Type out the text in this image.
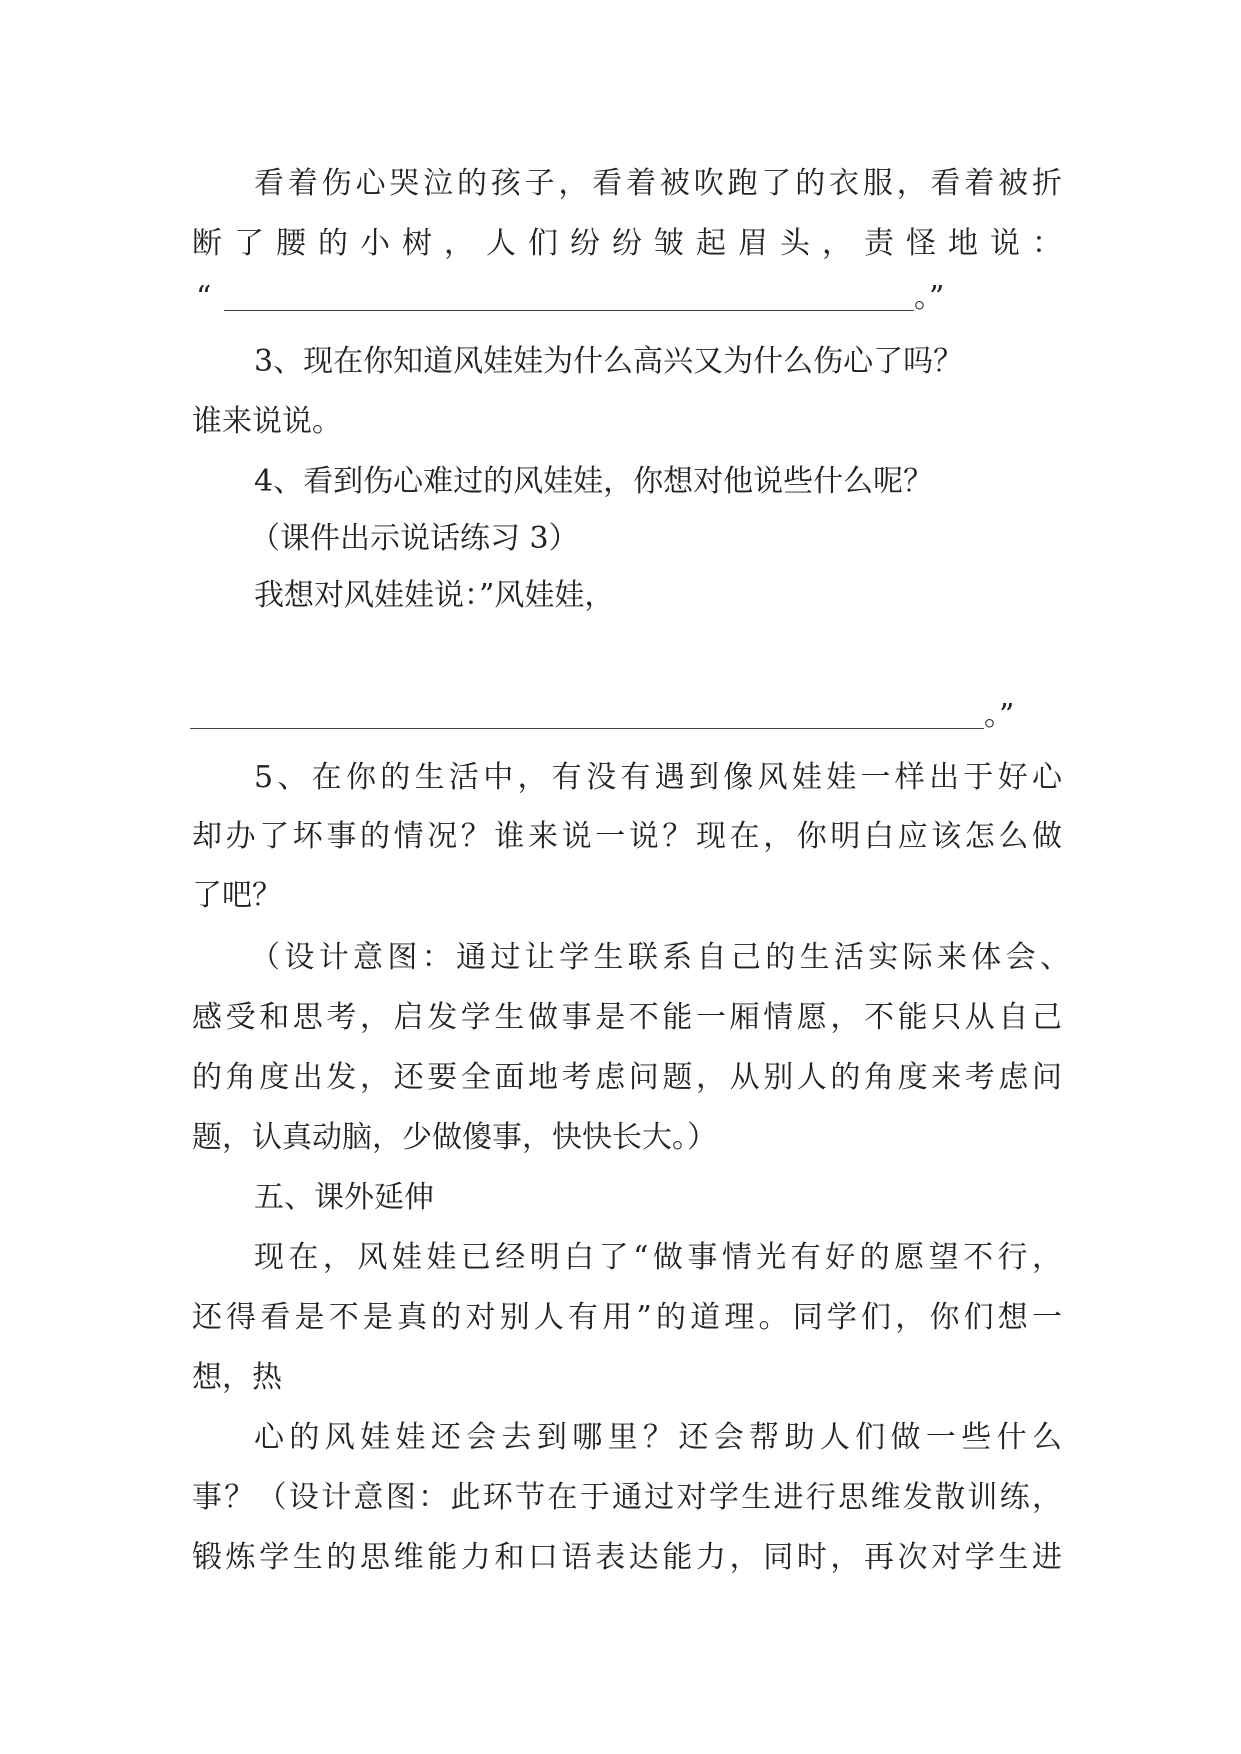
看着伤心哭泣的孩子，看着被吹跑了的衣服，看着被折

断了腰的小树，人们纷纷皱起眉头，责怪地说：

“	。”

3、现在你知道风娃娃为什么高兴又为什么伤心了吗？

谁来说说。

4、看到伤心难过的风娃娃，你想对他说些什么呢？

（课件出示说话练习 3）

我想对风娃娃说：”风娃娃，

。”

5、在你的生活中，有没有遇到像风娃娃一样出于好心

却办了坏事的情况？谁来说一说？现在，你明白应该怎么做

了吧？

（设计意图：通过让学生联系自己的生活实际来体会、

感受和思考，启发学生做事是不能一厢情愿，不能只从自己

的角度出发，还要全面地考虑问题，从别人的角度来考虑问

题，认真动脑，少做傻事，快快长大。）

五、课外延伸

现在，风娃娃已经明白了“做事情光有好的愿望不行，

还得看是不是真的对别人有用”的道理。同学们，你们想一

想，热

心的风娃娃还会去到哪里？还会帮助人们做一些什么

事？（设计意图：此环节在于通过对学生进行思维发散训练，

锻炼学生的思维能力和口语表达能力，同时，再次对学生进
